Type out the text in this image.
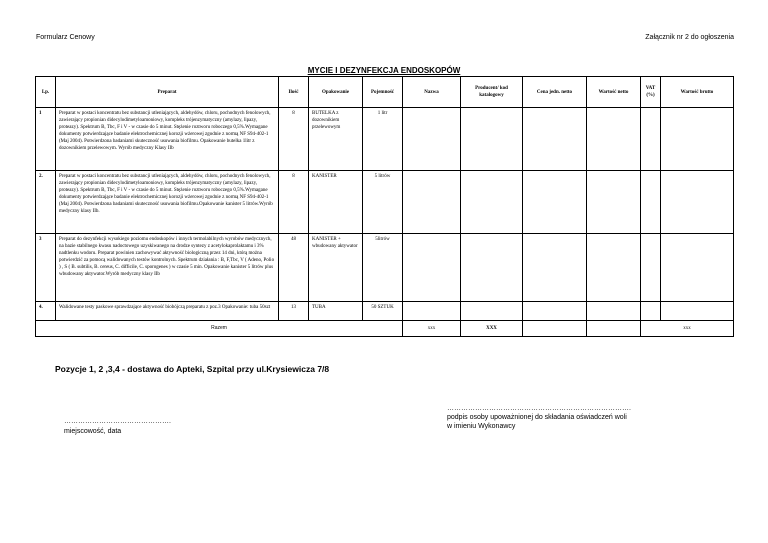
Formularz Cenowy	Załącznik nr 2 do ogłoszenia
MYCIE I DEZYNFEKCJA ENDOSKOPÓW
Lp.	Preparat	Ilość	Opakowanie	Pojemność	Nazwa	Producent/ kod katalogowy	Cena jedn. netto	Wartość netto	VAT (%)	Wartość brutto
1	Preparat w postaci koncentratu bez substancji utleniających, aldehydów, chloru, pochodnych fenolowych, zawierający propionian didecylodimetyloamoniowy, kompleks trójenzymatyczny (amylazy, lipazy, proteazy). Spektrum B, Tbc, F i V - w czasie do 5 minut. Stężenie roztworu roboczego 0,5%.Wymagane dokumenty potwierdzające badanie elektrochemicznej korozji wżerowej zgodnie z normą NF S94-402-1 (Maj 2004). Potwierdzona badaniami skuteczność usuwania biofilmu. Opakowanie butelka 1litr z dozownikiem przelewowym. Wyrób medyczny Klasy IIb	8	BUTELKA z dozownikiem przelewowym	1 litr						
2.	Preparat w postaci koncentratu bez substancji utleniających, aldehydów, chloru, pochodnych fenolowych, zawierający propionian didecylodimetyloamoniowy, kompleks trójenzymatyczny (amylazy, lipazy, proteazy). Spektrum B, Tbc, F i V - w czasie do 5 minut. Stężenie roztworu roboczego 0,5%.Wymagane dokumenty potwierdzające badanie elektrochemicznej korozji wżerowej zgodnie z normą NF S94-402-1 (Maj 2004). Potwierdzona badaniami skuteczność usuwania biofilmu.Opakowanie kanister 5 litrów.Wyrób medyczny klasy IIb.	8	KANISTER	5 litrów						
3	Preparat do dezynfekcji wysokiego poziomu endoskopów i innych termolabilnych wyrobów medycznych, na bazie stabilnego kwasu nadoctowego uzyskiwanego na drodze syntezy z acetylokaprolaktamu i 3% nadtlenku wodoru. Preparat powinien zachowywać aktywność biologiczną przez 14 dni, którą można potwierdzić za pomocą walidowanych testów kontrolnych. Spektrum działania : B, F,Tbc, V ( Adeno, Polio ) , S ( B. subtilis, B. cereus, C. difficile, C. sporogenes ) w czasie 5 min. Opakowanie kanister 5 litrów plus wbudowany aktywator.Wyrób medyczny klasy IIb	48	KANISTER + wbudowany aktywator	5litrów						
4.	Walidowane testy paskowe sprawdzające aktywność biobójczą preparatu z poz.3 Opakowanie: tuba 50szt	13	TUBA	50 SZTUK						
Razem					xxx	XXX			xxx	
Pozycje 1, 2 ,3,4 - dostawa do Apteki, Szpital przy ul.Krysiewicza 7/8
……………………………………….
miejscowość, data
…………………………………………………………………….
podpis osoby upoważnionej do składania oświadczeń woli
w imieniu Wykonawcy
